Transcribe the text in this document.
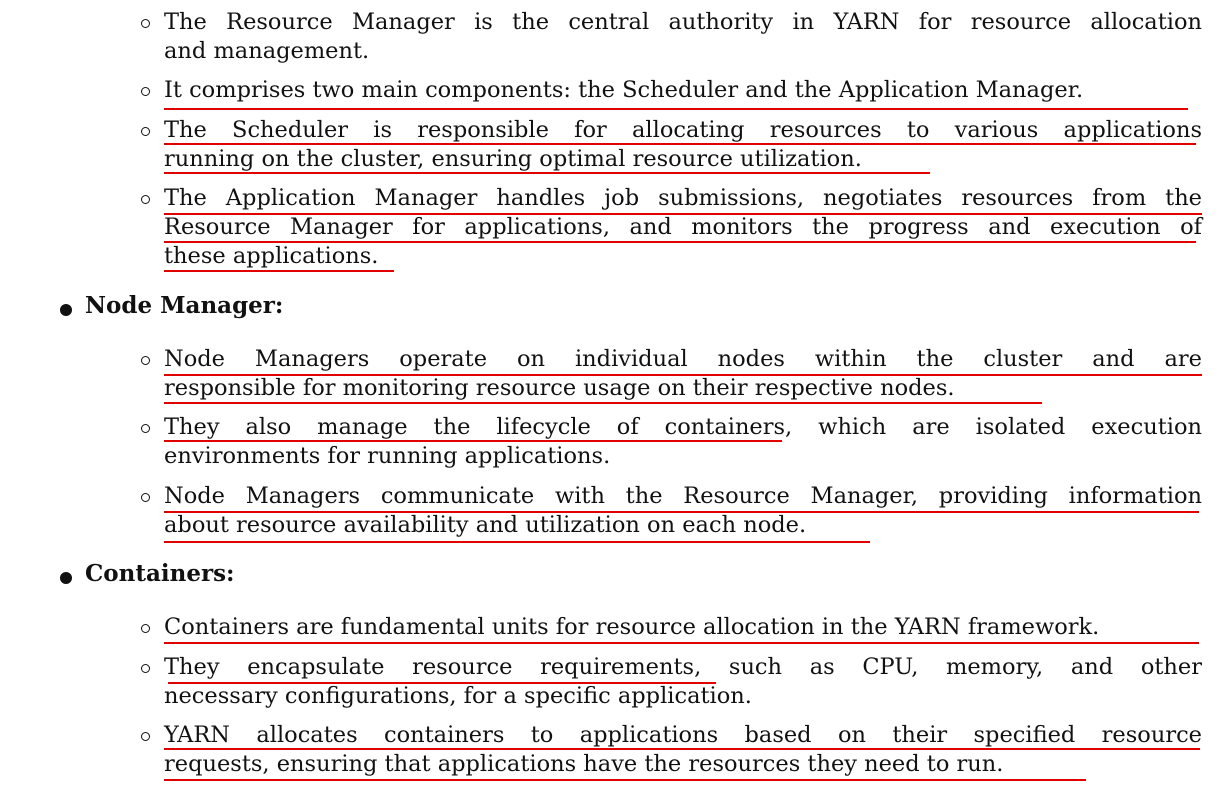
The Resource Manager is the central authority in YARN for resource allocation
and management.
It comprises two main components: the Scheduler and the Application Manager.
The Scheduler is responsible for allocating resources to various applications
running on the cluster, ensuring optimal resource utilization.
The Application Manager handles job submissions, negotiates resources from the
Resource Manager for applications, and monitors the progress and execution of
these applications.
Node Manager:
Node Managers operate on individual nodes within the cluster and are
responsible for monitoring resource usage on their respective nodes.
They also manage the lifecycle of containers, which are isolated execution
environments for running applications.
Node Managers communicate with the Resource Manager, providing information
about resource availability and utilization on each node.
Containers:
Containers are fundamental units for resource allocation in the YARN framework.
They encapsulate resource requirements, such as CPU, memory, and other
necessary configurations, for a specific application.
YARN allocates containers to applications based on their specified resource
requests, ensuring that applications have the resources they need to run.
